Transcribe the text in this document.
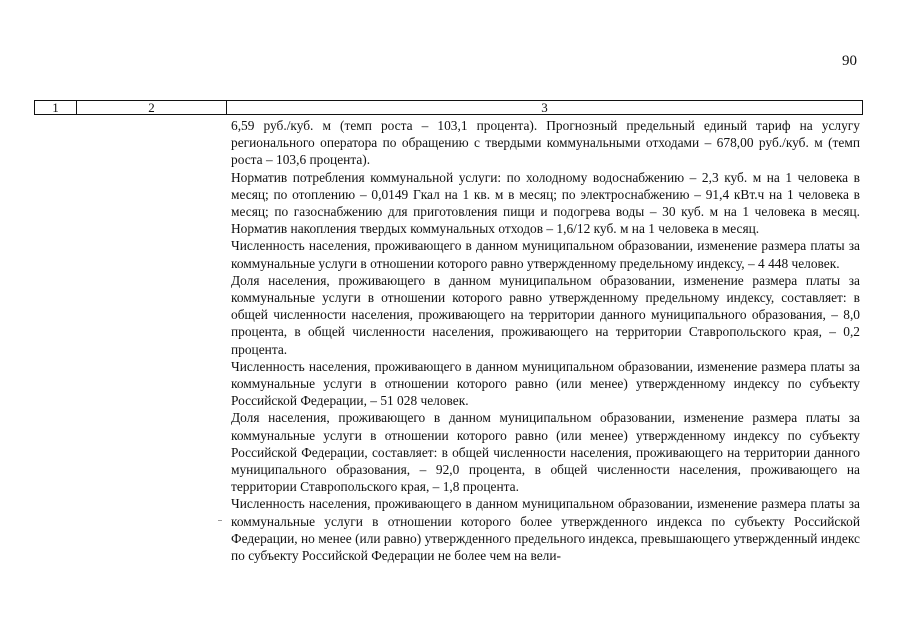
90
1	2	3

6,59 руб./куб. м (темп роста – 103,1 процента). Прогнозный предельный единый тариф на услугу регионального оператора по обращению с твердыми коммунальными отходами – 678,00 руб./куб. м (темп роста – 103,6 процента).

Норматив потребления коммунальной услуги: по холодному водоснабжению – 2,3 куб. м на 1 человека в месяц; по отоплению – 0,0149 Гкал на 1 кв. м в месяц; по электроснабжению – 91,4 кВт.ч на 1 человека в месяц; по газоснабжению для приготовления пищи и подогрева воды – 30 куб. м на 1 человека в месяц. Норматив накопления твердых коммунальных отходов – 1,6/12 куб. м на 1 человека в месяц.

Численность населения, проживающего в данном муниципальном образовании, изменение размера платы за коммунальные услуги в отношении которого равно утвержденному предельному индексу, – 4 448 человек.

Доля населения, проживающего в данном муниципальном образовании, изменение размера платы за коммунальные услуги в отношении которого равно утвержденному предельному индексу, составляет: в общей численности населения, проживающего на территории данного муниципального образования, – 8,0 процента, в общей численности населения, проживающего на территории Ставропольского края, – 0,2 процента.

Численность населения, проживающего в данном муниципальном образовании, изменение размера платы за коммунальные услуги в отношении которого равно (или менее) утвержденному индексу по субъекту Российской Федерации, – 51 028 человек.

Доля населения, проживающего в данном муниципальном образовании, изменение размера платы за коммунальные услуги в отношении которого равно (или менее) утвержденному индексу по субъекту Российской Федерации, составляет: в общей численности населения, проживающего на территории данного муниципального образования, – 92,0 процента, в общей численности населения, проживающего на территории Ставропольского края, – 1,8 процента.

Численность населения, проживающего в данном муниципальном образовании, изменение размера платы за коммунальные услуги в отношении которого более утвержденного индекса по субъекту Российской Федерации, но менее (или равно) утвержденного предельного индекса, превышающего утвержденный индекс по субъекту Российской Федерации не более чем на вели-
